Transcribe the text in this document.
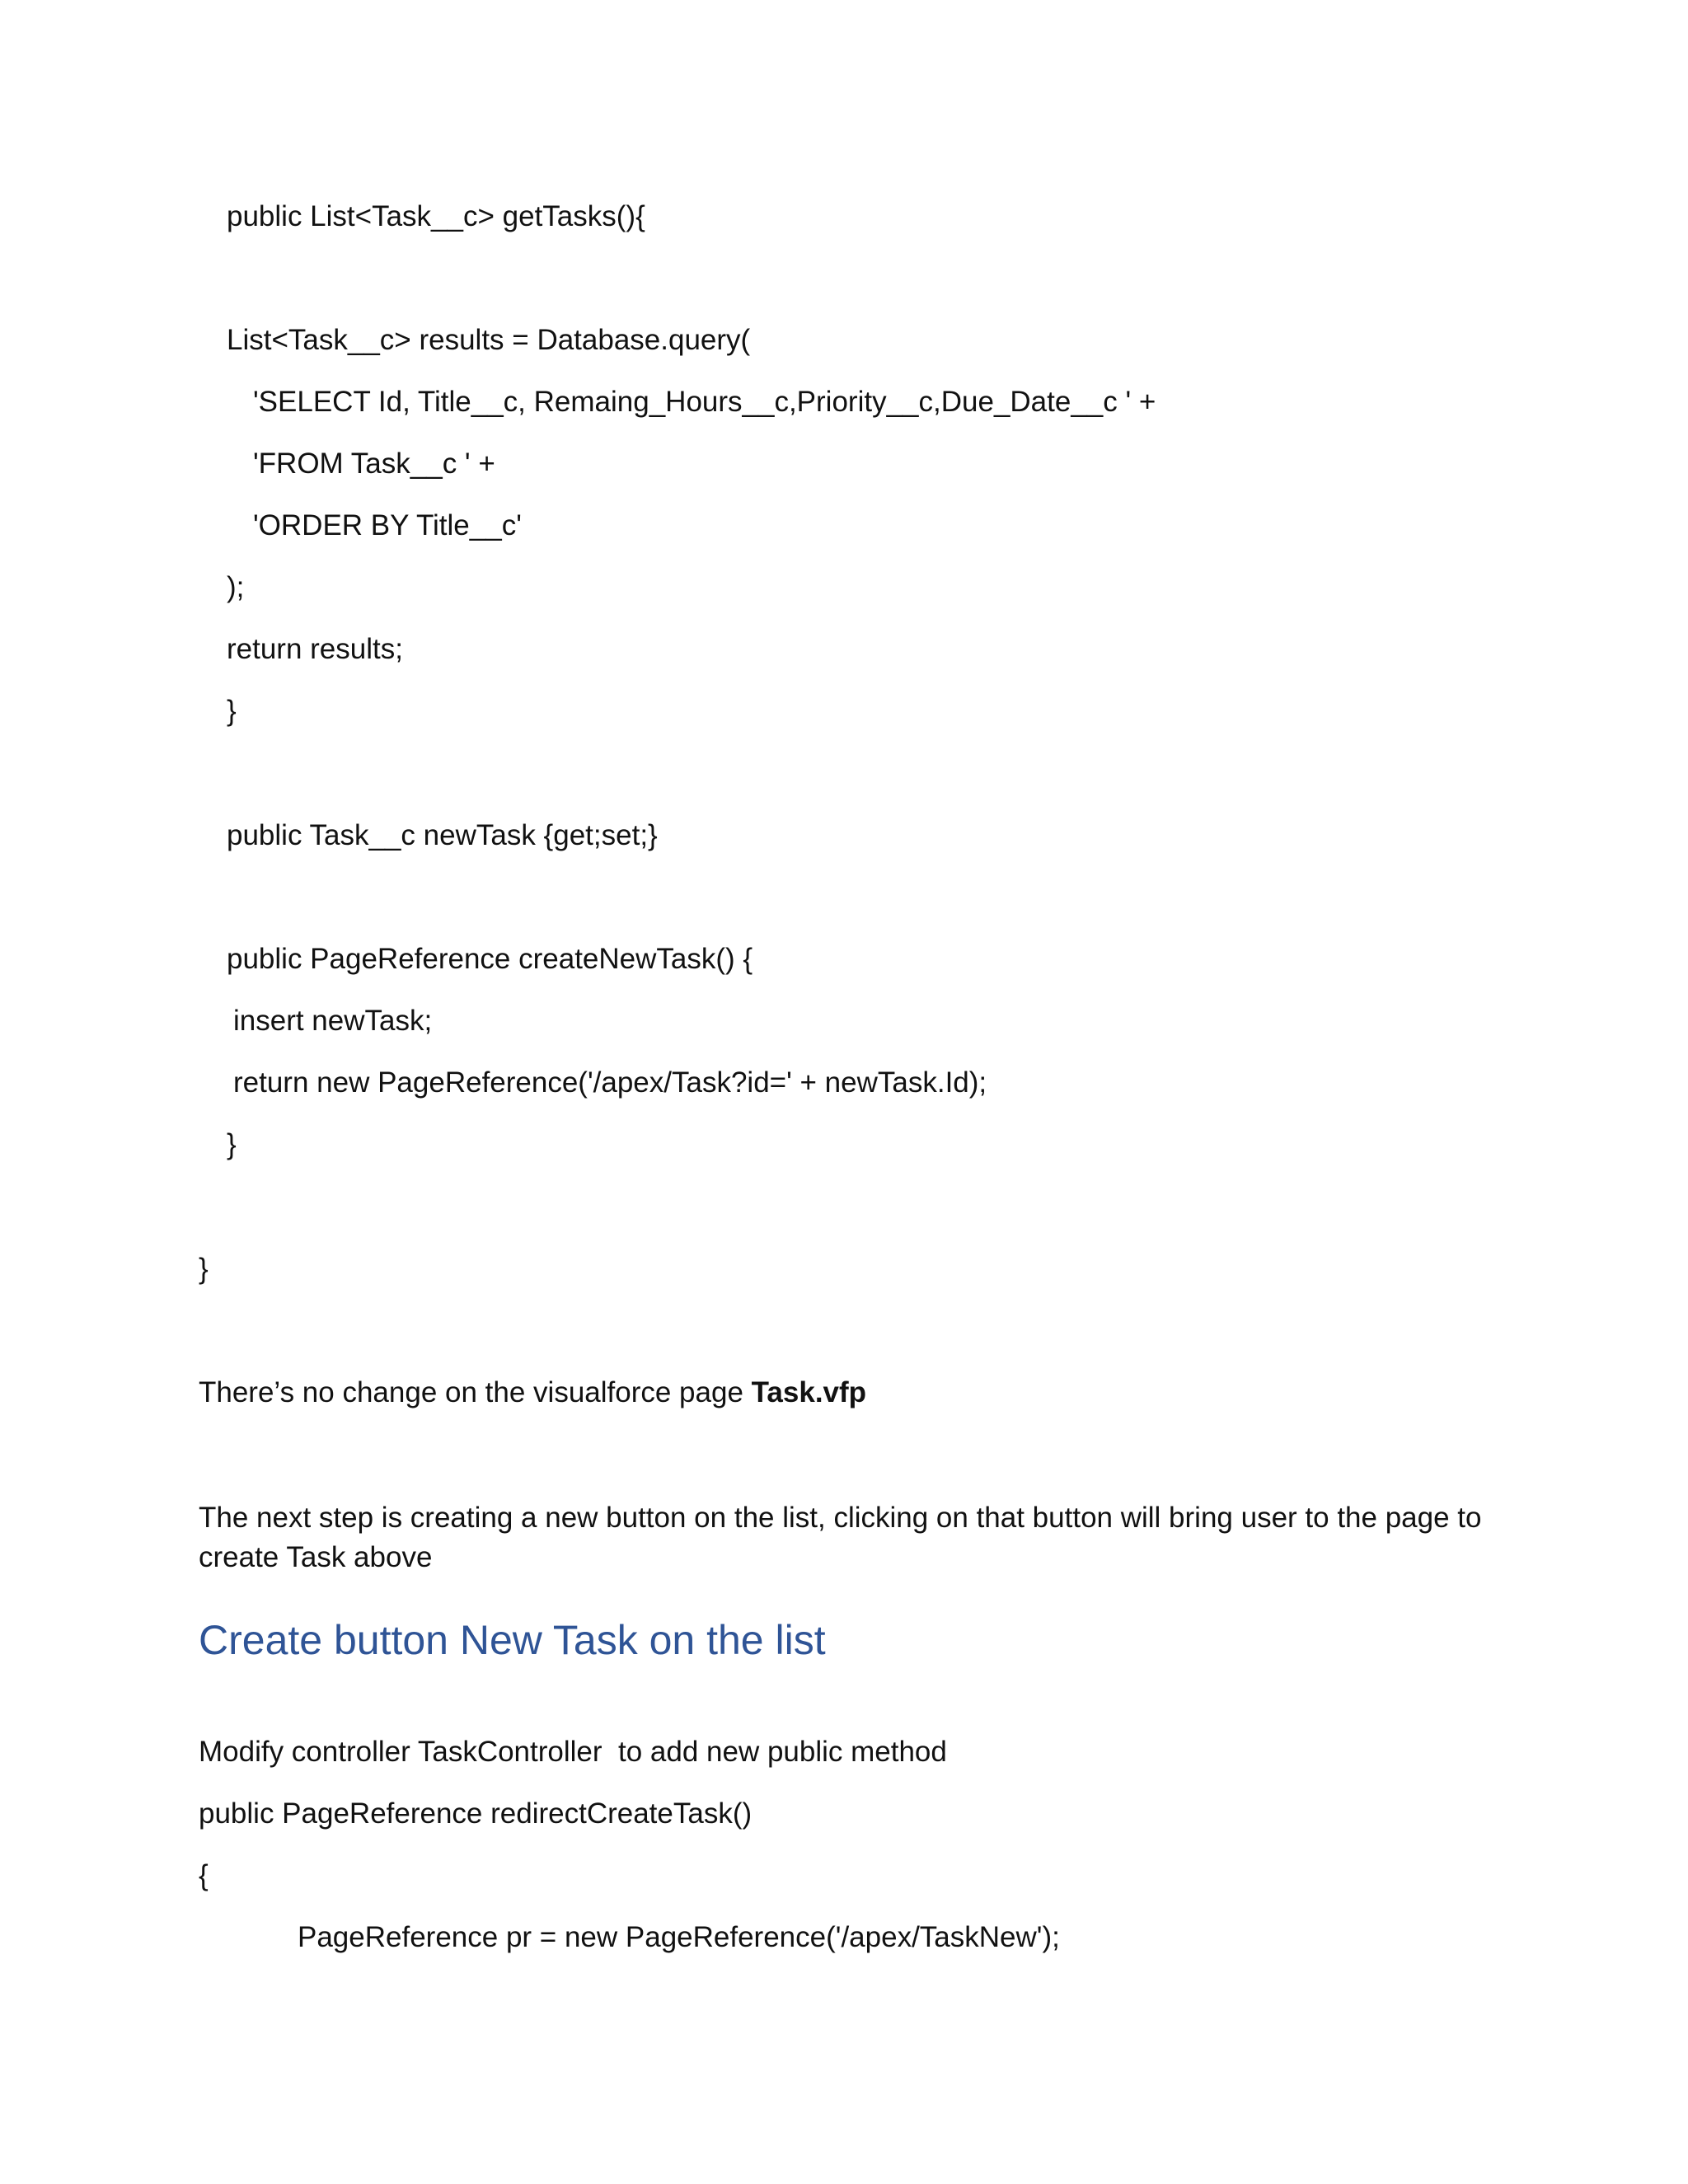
public List<Task__c> getTasks(){
List<Task__c> results = Database.query(
'SELECT Id, Title__c, Remaing_Hours__c,Priority__c,Due_Date__c ' +
'FROM Task__c ' +
'ORDER BY Title__c'
);
return results;
}
public Task__c newTask {get;set;}
public PageReference createNewTask() {
insert newTask;
return new PageReference('/apex/Task?id=' + newTask.Id);
}
}
There’s no change on the visualforce page Task.vfp

The next step is creating a new button on the list, clicking on that button will bring user to the page to create Task above

Create button New Task on the list
Modify controller TaskController  to add new public method
public PageReference redirectCreateTask()
{
PageReference pr = new PageReference('/apex/TaskNew');
